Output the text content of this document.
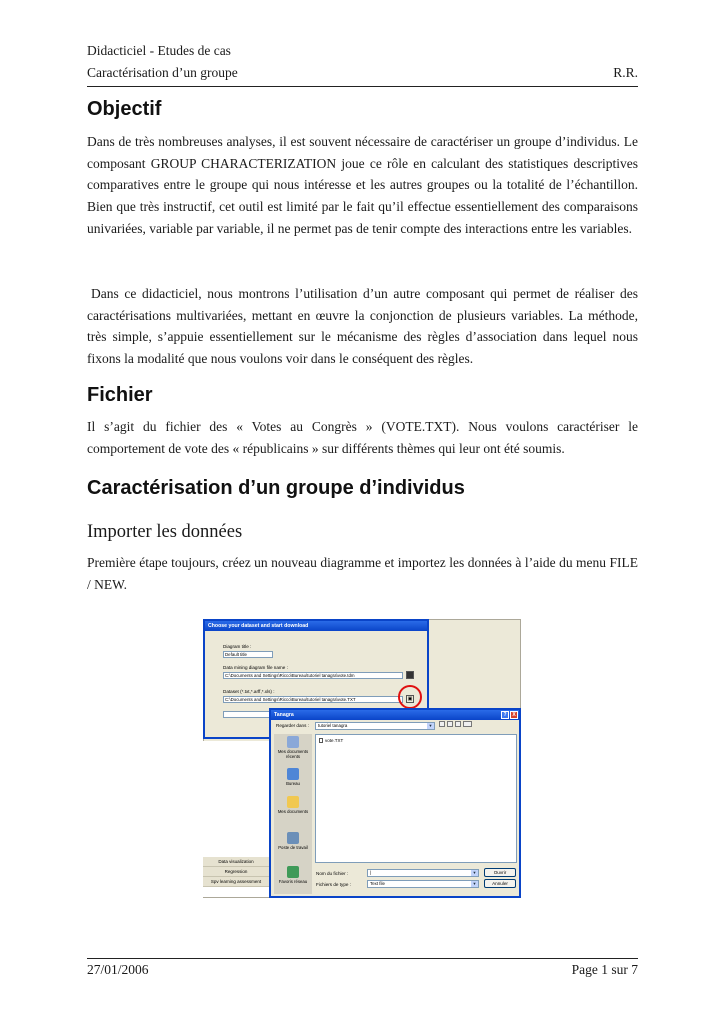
Didacticiel - Etudes de cas
Caractérisation d’un groupe	R.R.
Objectif

Dans de très nombreuses analyses, il est souvent nécessaire de caractériser un groupe d’individus. Le composant GROUP CHARACTERIZATION joue ce rôle en calculant des statistiques descriptives comparatives entre le groupe qui nous intéresse et les autres groupes ou la totalité de l’échantillon. Bien que très instructif, cet outil est limité par le fait qu’il effectue essentiellement des comparaisons univariées, variable par variable, il ne permet pas de tenir compte des interactions entre les variables.

Dans ce didacticiel, nous montrons l’utilisation d’un autre composant qui permet de réaliser des caractérisations multivariées, mettant en œuvre la conjonction de plusieurs variables. La méthode, très simple, s’appuie essentiellement sur le mécanisme des règles d’association dans lequel nous fixons la modalité que nous voulons voir dans le conséquent des règles.

Fichier

Il s’agit du fichier des « Votes au Congrès » (VOTE.TXT). Nous voulons caractériser le comportement de vote des « républicains » sur différents thèmes qui leur ont été soumis.

Caractérisation d’un groupe d’individus
Importer les données

Première étape toujours, créez un nouveau diagramme et importez les données à l’aide du menu FILE / NEW.

Data visualization
Regression
Spv learning assessment
Choose your dataset and start download
Diagram title :
Default title
Data mining diagram file name :
C:\Documents and Settings\Ricco\Bureau\tutoriel tanagra\vote.tdm
Dataset (*.txt,*.arff,*.xls) :
C:\Documents and Settings\Ricco\Bureau\tutoriel tanagra\vote.TXT	▣
Tanagra	?	X
Regarder dans :	tutoriel tanagra	▼
Mes documents récents
Bureau
Mes documents
Poste de travail
Favoris réseau
vote.TXT
Nom du fichier :	|	▼
Fichiers de type :	Text file	▼
Ouvrir
Annuler
27/01/2006	Page 1 sur 7
